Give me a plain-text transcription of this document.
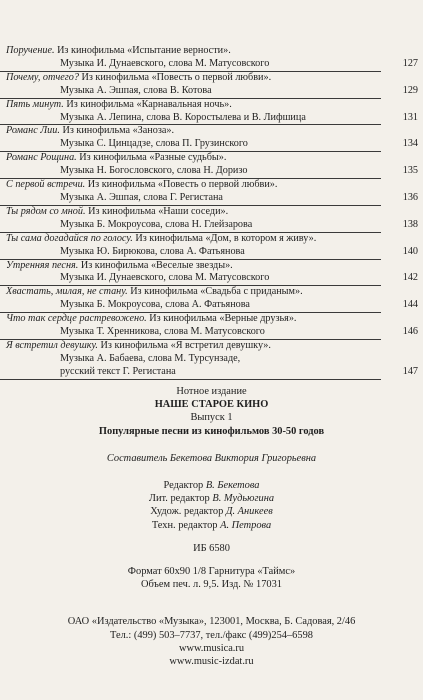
Поручение. Из кинофильма «Испытание верности».
Музыка И. Дунаевского, слова М. Матусовского	127
Почему, отчего? Из кинофильма «Повесть о первой любви».
Музыка А. Эшпая, слова В. Котова	129
Пять минут. Из кинофильма «Карнавальная ночь».
Музыка А. Лепина, слова В. Коростылева и В. Лифшица	131
Романс Лии. Из кинофильма «Заноза».
Музыка С. Цинцадзе, слова П. Грузинского	134
Романс Рощина. Из кинофильма «Разные судьбы».
Музыка Н. Богословского, слова Н. Доризо	135
С первой встречи. Из кинофильма «Повесть о первой любви».
Музыка А. Эшпая, слова Г. Регистана	136
Ты рядом со мной. Из кинофильма «Наши соседи».
Музыка Б. Мокроусова, слова Н. Глейзарова	138
Ты сама догадайся по голосу. Из кинофильма «Дом, в котором я живу».
Музыка Ю. Бирюкова, слова А. Фатьянова	140
Утренняя песня. Из кинофильма «Веселые звезды».
Музыка И. Дунаевского, слова М. Матусовского	142
Хвастать, милая, не стану. Из кинофильма «Свадьба с приданым».
Музыка Б. Мокроусова, слова А. Фатьянова	144
Что так сердце растревожено. Из кинофильма «Верные друзья».
Музыка Т. Хренникова, слова М. Матусовского	146
Я встретил девушку. Из кинофильма «Я встретил девушку».
Музыка А. Бабаева, слова М. Турсунзаде,
русский текст Г. Регистана	147
Нотное издание
НАШЕ СТАРОЕ КИНО
Выпуск 1
Популярные песни из кинофильмов 30-50 годов
Составитель Бекетова Виктория Григорьевна
Редактор В. Бекетова
Лит. редактор В. Мудьюгина
Худож. редактор Д. Аникеев
Техн. редактор А. Петрова
ИБ 6580
Формат 60x90 1/8 Гарнитура «Таймс»
Объем печ. л. 9,5. Изд. № 17031
ОАО «Издательство «Музыка», 123001, Москва, Б. Садовая, 2/46
Тел.: (499) 503–7737, тел./факс (499)254–6598
www.musica.ru
www.music-izdat.ru
